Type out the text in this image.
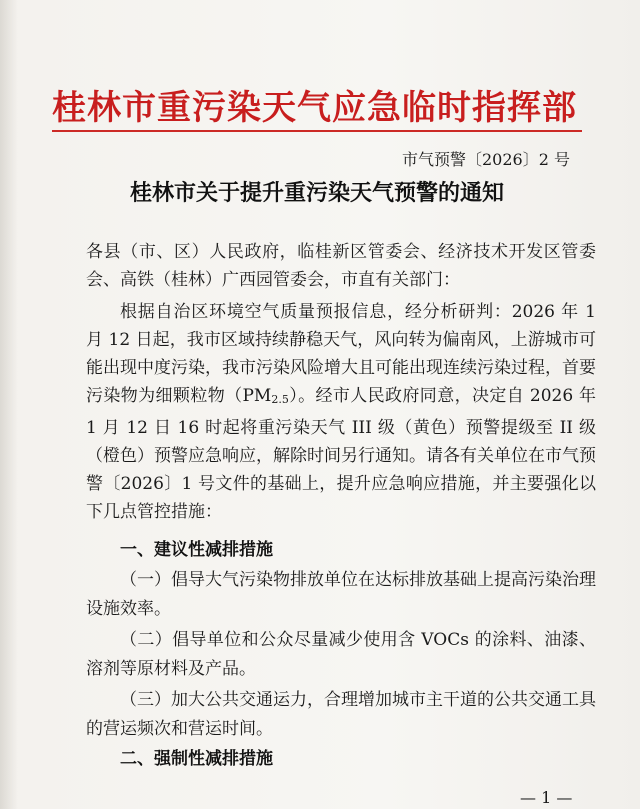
桂林市重污染天气应急临时指挥部
市气预警〔2026〕2 号
桂林市关于提升重污染天气预警的通知
各县（市、区）人民政府，临桂新区管委会、经济技术开发区管委会、高铁（桂林）广西园管委会，市直有关部门：
根据自治区环境空气质量预报信息，经分析研判：2026 年 1 月 12 日起，我市区域持续静稳天气，风向转为偏南风，上游城市可能出现中度污染，我市污染风险增大且可能出现连续污染过程，首要污染物为细颗粒物（PM2.5）。经市人民政府同意，决定自 2026 年 1 月 12 日 16 时起将重污染天气 III 级（黄色）预警提级至 II 级（橙色）预警应急响应，解除时间另行通知。请各有关单位在市气预警〔2026〕1 号文件的基础上，提升应急响应措施，并主要强化以下几点管控措施：
一、建议性减排措施
（一）倡导大气污染物排放单位在达标排放基础上提高污染治理设施效率。
（二）倡导单位和公众尽量减少使用含 VOCs 的涂料、油漆、溶剂等原材料及产品。
（三）加大公共交通运力，合理增加城市主干道的公共交通工具的营运频次和营运时间。
二、强制性减排措施
— 1 —
